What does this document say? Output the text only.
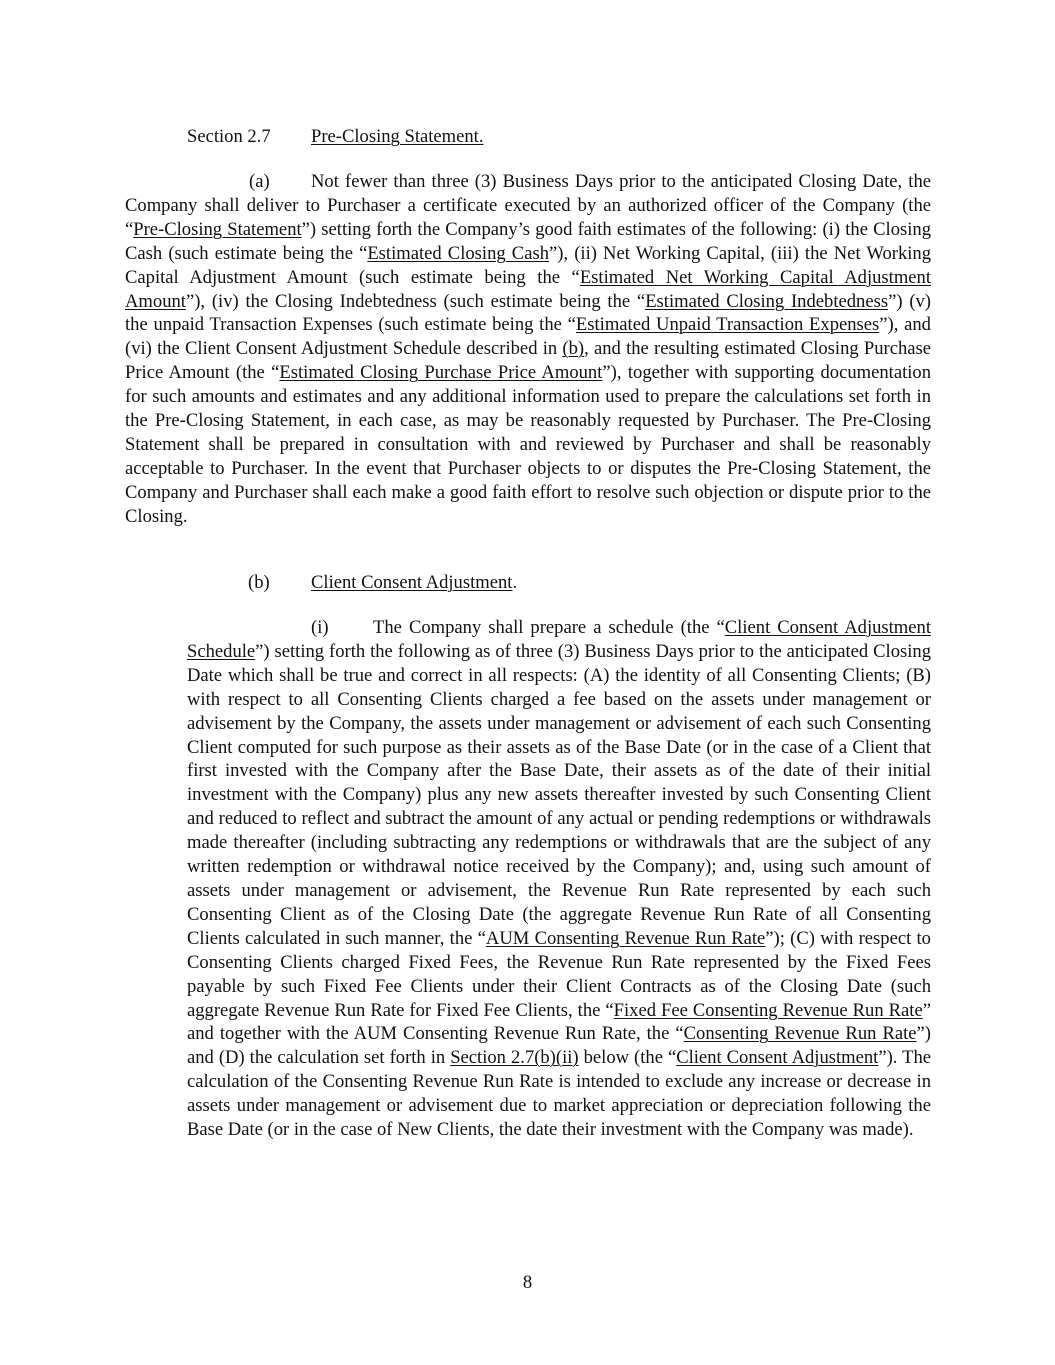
Section 2.7 Pre-Closing Statement.
(a) Not fewer than three (3) Business Days prior to the anticipated Closing Date, the Company shall deliver to Purchaser a certificate executed by an authorized officer of the Company (the “Pre-Closing Statement”) setting forth the Company’s good faith estimates of the following: (i) the Closing Cash (such estimate being the “Estimated Closing Cash”), (ii) Net Working Capital, (iii) the Net Working Capital Adjustment Amount (such estimate being the “Estimated Net Working Capital Adjustment Amount”), (iv) the Closing Indebtedness (such estimate being the “Estimated Closing Indebtedness”) (v) the unpaid Transaction Expenses (such estimate being the “Estimated Unpaid Transaction Expenses”), and (vi) the Client Consent Adjustment Schedule described in (b), and the resulting estimated Closing Purchase Price Amount (the “Estimated Closing Purchase Price Amount”), together with supporting documentation for such amounts and estimates and any additional information used to prepare the calculations set forth in the Pre-Closing Statement, in each case, as may be reasonably requested by Purchaser. The Pre-Closing Statement shall be prepared in consultation with and reviewed by Purchaser and shall be reasonably acceptable to Purchaser. In the event that Purchaser objects to or disputes the Pre-Closing Statement, the Company and Purchaser shall each make a good faith effort to resolve such objection or dispute prior to the Closing.
(b) Client Consent Adjustment.
(i) The Company shall prepare a schedule (the “Client Consent Adjustment Schedule”) setting forth the following as of three (3) Business Days prior to the anticipated Closing Date which shall be true and correct in all respects: (A) the identity of all Consenting Clients; (B) with respect to all Consenting Clients charged a fee based on the assets under management or advisement by the Company, the assets under management or advisement of each such Consenting Client computed for such purpose as their assets as of the Base Date (or in the case of a Client that first invested with the Company after the Base Date, their assets as of the date of their initial investment with the Company) plus any new assets thereafter invested by such Consenting Client and reduced to reflect and subtract the amount of any actual or pending redemptions or withdrawals made thereafter (including subtracting any redemptions or withdrawals that are the subject of any written redemption or withdrawal notice received by the Company); and, using such amount of assets under management or advisement, the Revenue Run Rate represented by each such Consenting Client as of the Closing Date (the aggregate Revenue Run Rate of all Consenting Clients calculated in such manner, the “AUM Consenting Revenue Run Rate”); (C) with respect to Consenting Clients charged Fixed Fees, the Revenue Run Rate represented by the Fixed Fees payable by such Fixed Fee Clients under their Client Contracts as of the Closing Date (such aggregate Revenue Run Rate for Fixed Fee Clients, the “Fixed Fee Consenting Revenue Run Rate” and together with the AUM Consenting Revenue Run Rate, the “Consenting Revenue Run Rate”) and (D) the calculation set forth in Section 2.7(b)(ii) below (the “Client Consent Adjustment”). The calculation of the Consenting Revenue Run Rate is intended to exclude any increase or decrease in assets under management or advisement due to market appreciation or depreciation following the Base Date (or in the case of New Clients, the date their investment with the Company was made).
8
